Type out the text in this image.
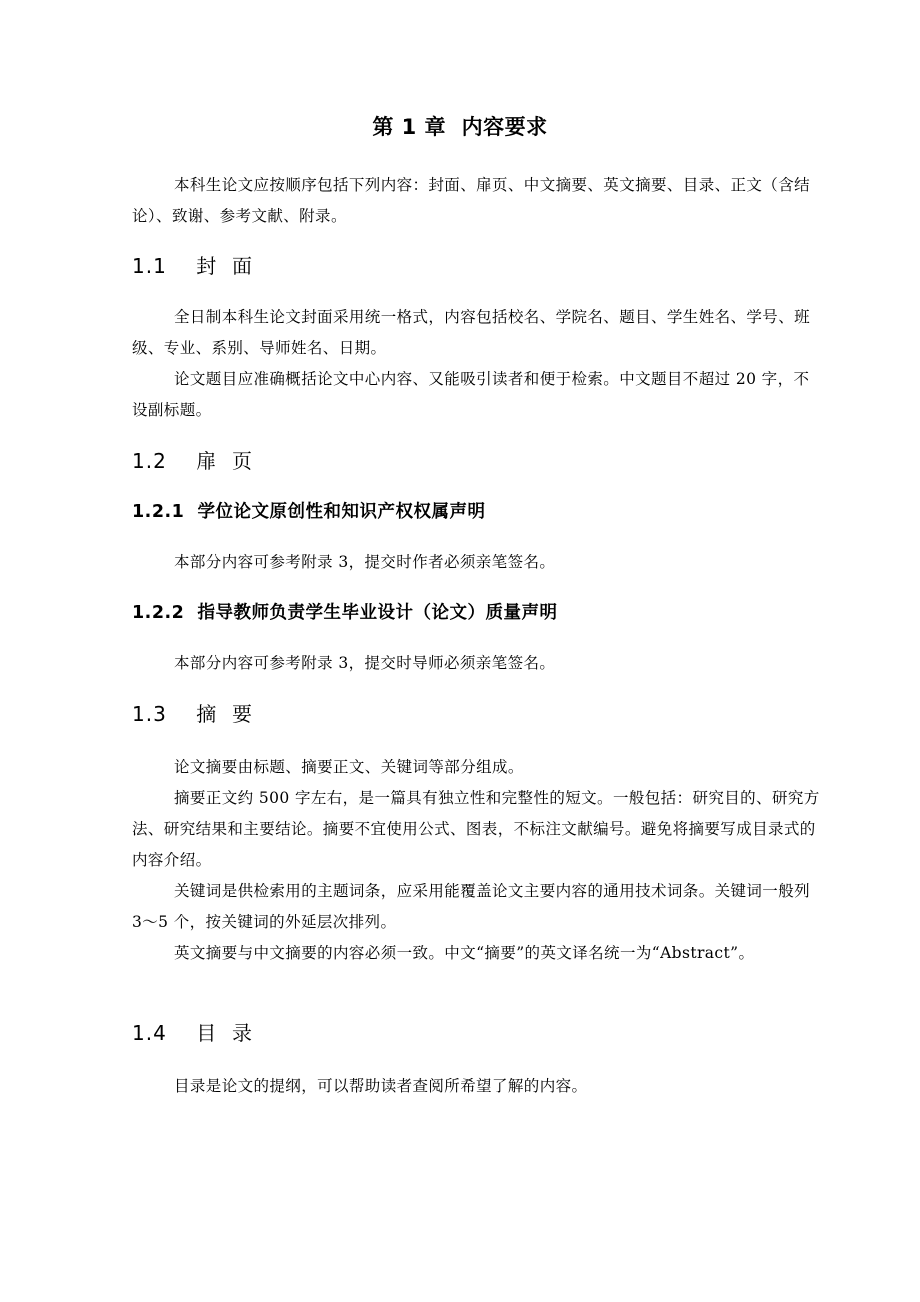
第 1 章  内容要求
本科生论文应按顺序包括下列内容：封面、扉页、中文摘要、英文摘要、目录、正文（含结论）、致谢、参考文献、附录。
1.1    封  面
全日制本科生论文封面采用统一格式，内容包括校名、学院名、题目、学生姓名、学号、班级、专业、系别、导师姓名、日期。
论文题目应准确概括论文中心内容、又能吸引读者和便于检索。中文题目不超过 20 字，不设副标题。
1.2    扉  页
1.2.1  学位论文原创性和知识产权权属声明
本部分内容可参考附录 3，提交时作者必须亲笔签名。
1.2.2  指导教师负责学生毕业设计（论文）质量声明
本部分内容可参考附录 3，提交时导师必须亲笔签名。
1.3    摘  要
论文摘要由标题、摘要正文、关键词等部分组成。
摘要正文约 500 字左右，是一篇具有独立性和完整性的短文。一般包括：研究目的、研究方法、研究结果和主要结论。摘要不宜使用公式、图表，不标注文献编号。避免将摘要写成目录式的内容介绍。
关键词是供检索用的主题词条，应采用能覆盖论文主要内容的通用技术词条。关键词一般列 3～5 个，按关键词的外延层次排列。
英文摘要与中文摘要的内容必须一致。中文“摘要”的英文译名统一为“Abstract”。
1.4    目  录
目录是论文的提纲，可以帮助读者查阅所希望了解的内容。
